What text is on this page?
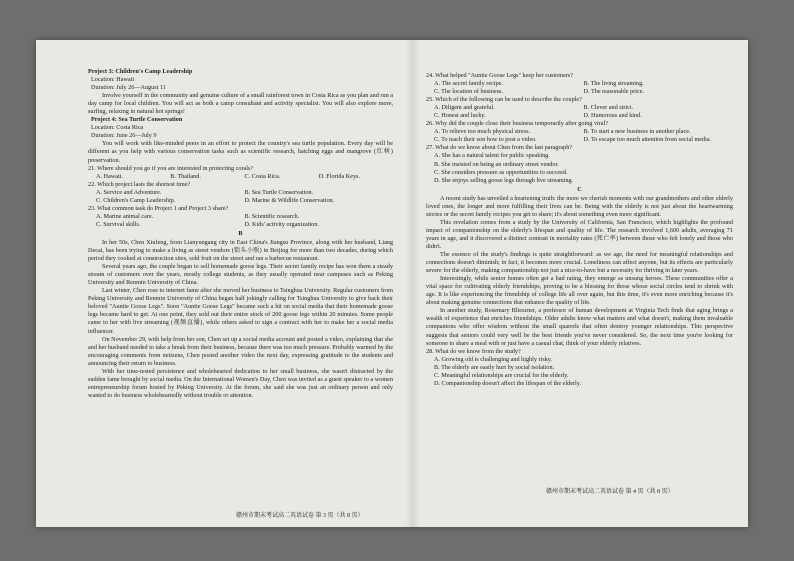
Project 3: Children's Camp Leadership

Location: Hawaii

Duration: July 26—August 11

Involve yourself in the community and genuine culture of a small rainforest town in Costa Rica as you plan and run a day camp for local children. You will act as both a camp consultant and activity specialist. You will also explore more, surfing, relaxing in natural hot springs!

Project 4: Sea Turtle Conservation

Location: Costa Rica

Duration: June 26—July 9

You will work with like-minded peers in an effort to protect the country's sea turtle population. Every day will be different as you help with various conservation tasks such as scientific research, hatching eggs and mangrove (红树) preservation.

21. Where should you go if you are interested in protecting corals?

A. Hawaii.	B. Thailand.	C. Costa Rica.	D. Florida Keys.

22. Which project lasts the shortest time?

A. Service and Adventure.	B. Sea Turtle Conservation.
C. Children's Camp Leadership.	D. Marine & Wildlife Conservation.

23. What common task do Project 1 and Project 3 share?

A. Marine animal care.	B. Scientific research.
C. Survival skills.	D. Kids' activity organization.

B

In her 50s, Chen Xiufeng, from Lianyungang city in East China's Jiangsu Province, along with her husband, Liang Decai, has been trying to make a living as street vendors (街头小贩) in Beijing for more than two decades, during which period they cooked at construction sites, sold fruit on the street and ran a barbecue restaurant.

Several years ago, the couple began to sell homemade goose legs. Their secret family recipe has won them a steady stream of customers over the years, mostly college students, as they usually operated near campuses such as Peking University and Renmin University of China.

Last winter, Chen rose to internet fame after she moved her business to Tsinghua University. Regular customers from Peking University and Renmin University of China began half jokingly calling for Tsinghua University to give back their beloved "Auntie Goose Legs". Soon "Auntie Goose Legs" became such a hit on social media that their homemade goose legs became hard to get. At one point, they sold out their entire stock of 200 goose legs within 20 minutes. Some people came to her with live streaming (视频直播), while others asked to sign a contract with her to make her a social media influencer.

On November 29, with help from her son, Chen set up a social media account and posted a video, explaining that she and her husband needed to take a break from their business, because there was too much pressure. Probably warmed by the encouraging comments from netizens, Chen posted another video the next day, expressing gratitude to the students and announcing their return to business.

With her time-tested persistence and wholehearted dedication to her small business, she wasn't distracted by the sudden fame brought by social media. On the International Women's Day, Chen was invited as a guest speaker to a women entrepreneurship forum hosted by Peking University. At the forum, she said she was just an ordinary person and only wanted to do business wholeheartedly without trouble or attention.

赣州市期末考试高二英语试卷 第 3 页（共 8 页）

24. What helped "Auntie Goose Legs" keep her customers?

A. The secret family recipe.	B. The living streaming.
C. The location of business.	D. The reasonable price.

25. Which of the following can be used to describe the couple?

A. Diligent and grateful.	B. Clever and strict.
C. Honest and lucky.	D. Humorous and kind.

26. Why did the couple close their business temporarily after going viral?

A. To relieve too much physical stress.	B. To start a new business in another place.
C. To teach their son how to post a video.	D. To escape too much attention from social media.

27. What do we know about Chen from the last paragraph?

A. She has a natural talent for public speaking.
B. She insisted on being an ordinary street vendor.
C. She considers pressure as opportunities to succeed.
D. She enjoys selling goose legs through live streaming.

C

A recent study has unveiled a heartening truth: the more we cherish moments with our grandmothers and other elderly loved ones, the longer and more fulfilling their lives can be. Being with the elderly is not just about the heartwarming stories or the secret family recipes you get to share; it's about something even more significant.

This revelation comes from a study by the University of California, San Francisco, which highlights the profound impact of companionship on the elderly's lifespan and quality of life. The research involved 1,600 adults, averaging 71 years in age, and it discovered a distinct contrast in mortality rates (死亡率) between those who felt lonely and those who didn't.

The essence of the study's findings is quite straightforward: as we age, the need for meaningful relationships and connections doesn't diminish; in fact, it becomes more crucial. Loneliness can affect anyone, but its effects are particularly severe for the elderly, making companionship not just a nice-to-have but a necessity for thriving in later years.

Interestingly, while senior homes often get a bad rating, they emerge as unsung heroes. These communities offer a vital space for cultivating elderly friendships, proving to be a blessing for those whose social circles tend to shrink with age. It is like experiencing the friendship of college life all over again, but this time, it's even more enriching because it's about making genuine connections that enhance the quality of life.

In another study, Rosemary Blieszner, a professor of human development at Virginia Tech finds that aging brings a wealth of experience that enriches friendships. Older adults know what matters and what doesn't, making them invaluable companions who offer wisdom without the small quarrels that often destroy younger relationships. This perspective suggests that seniors could very well be the best friends you've never considered. So, the next time you're looking for someone to share a meal with or just have a casual chat, think of your elderly relatives.

28. What do we know from the study?

A. Growing old is challenging and highly risky.
B. The elderly are easily hurt by social isolation.
C. Meaningful relationships are crucial for the elderly.
D. Companionship doesn't affect the lifespan of the elderly.
赣州市期末考试高二英语试卷 第 4 页（共 8 页）
